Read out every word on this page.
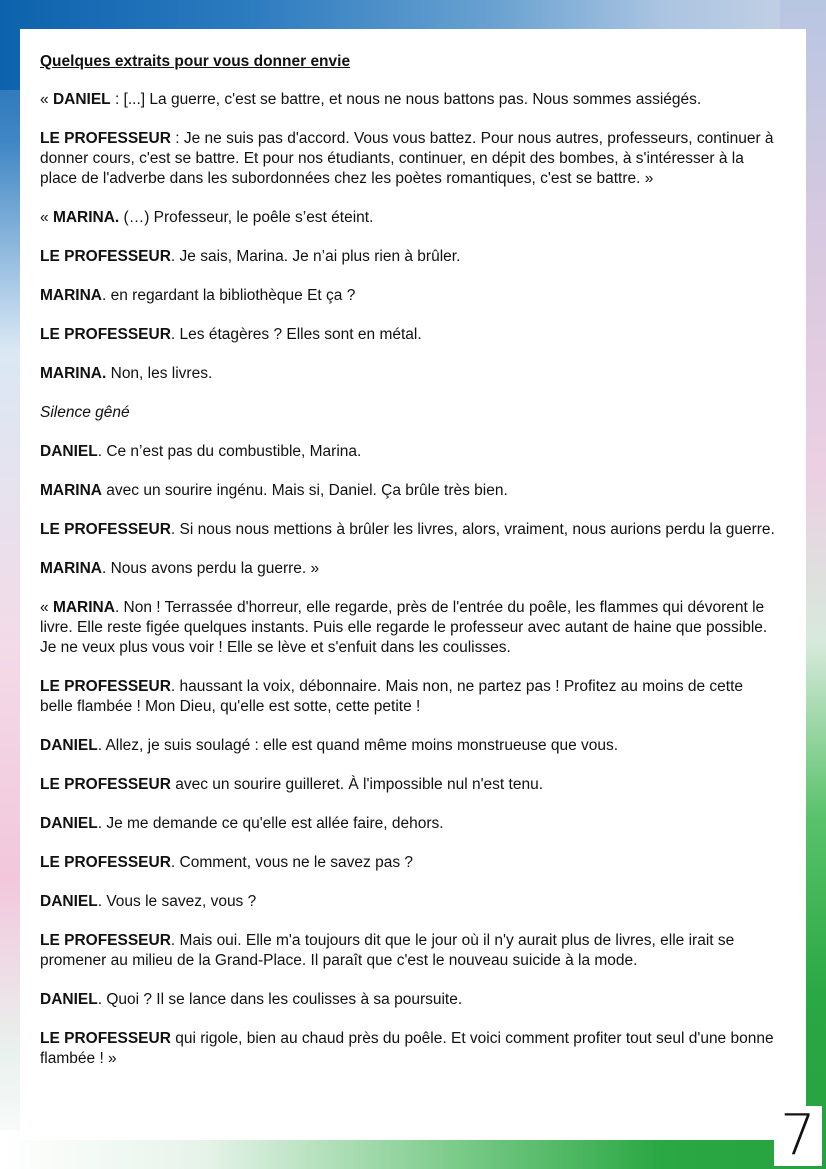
Quelques extraits pour vous donner envie

« DANIEL : [...] La guerre, c'est se battre, et nous ne nous battons pas. Nous sommes assiégés.

LE PROFESSEUR : Je ne suis pas d'accord. Vous vous battez. Pour nous autres, professeurs, continuer à donner cours, c'est se battre. Et pour nos étudiants, continuer, en dépit des bombes, à s'intéresser à la place de l'adverbe dans les subordonnées chez les poètes romantiques, c'est se battre. »

« MARINA. (…) Professeur, le poêle s’est éteint.

LE PROFESSEUR. Je sais, Marina. Je n’ai plus rien à brûler.

MARINA. en regardant la bibliothèque Et ça ?

LE PROFESSEUR. Les étagères ? Elles sont en métal.

MARINA. Non, les livres.

Silence gêné

DANIEL. Ce n’est pas du combustible, Marina.

MARINA avec un sourire ingénu. Mais si, Daniel. Ça brûle très bien.

LE PROFESSEUR. Si nous nous mettions à brûler les livres, alors, vraiment, nous aurions perdu la guerre.

MARINA. Nous avons perdu la guerre. »

« MARINA. Non ! Terrassée d'horreur, elle regarde, près de l'entrée du poêle, les flammes qui dévorent le livre. Elle reste figée quelques instants. Puis elle regarde le professeur avec autant de haine que possible. Je ne veux plus vous voir ! Elle se lève et s'enfuit dans les coulisses.

LE PROFESSEUR. haussant la voix, débonnaire. Mais non, ne partez pas ! Profitez au moins de cette belle flambée ! Mon Dieu, qu'elle est sotte, cette petite !

DANIEL. Allez, je suis soulagé : elle est quand même moins monstrueuse que vous.

LE PROFESSEUR avec un sourire guilleret. À l'impossible nul n'est tenu.

DANIEL. Je me demande ce qu'elle est allée faire, dehors.

LE PROFESSEUR. Comment, vous ne le savez pas ?

DANIEL. Vous le savez, vous ?

LE PROFESSEUR. Mais oui. Elle m'a toujours dit que le jour où il n'y aurait plus de livres, elle irait se promener au milieu de la Grand-Place. Il paraît que c'est le nouveau suicide à la mode.

DANIEL. Quoi ? Il se lance dans les coulisses à sa poursuite.

LE PROFESSEUR qui rigole, bien au chaud près du poêle. Et voici comment profiter tout seul d'une bonne flambée ! »

7
